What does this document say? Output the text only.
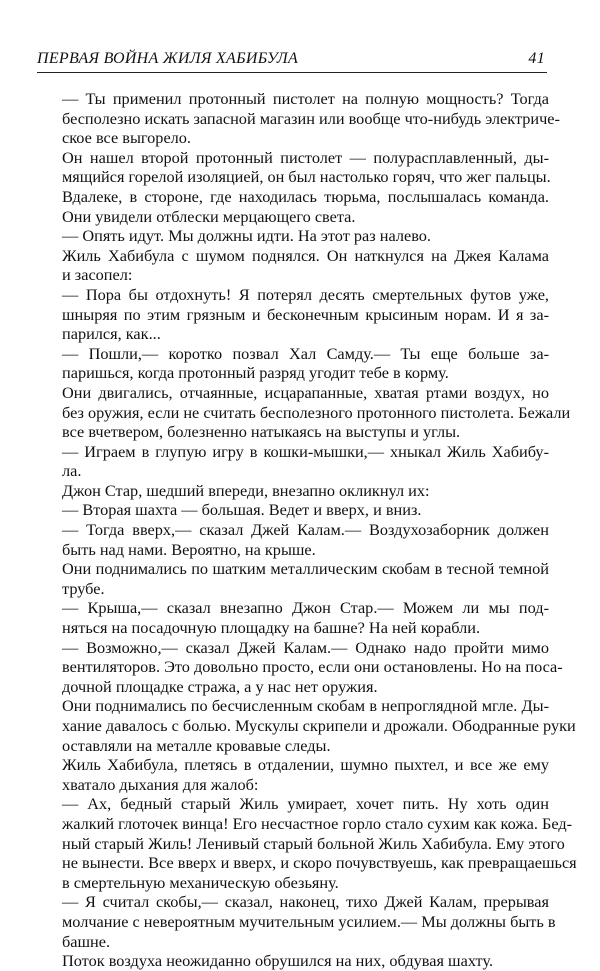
ПЕРВАЯ ВОЙНА ЖИЛЯ ХАБИБУЛА	41

— Ты применил протонный пистолет на полную мощность? Тогда
бесполезно искать запасной магазин или вообще что-нибудь электриче-
ское все выгорело.

Он нашел второй протонный пистолет — полурасплавленный, ды-
мящийся горелой изоляцией, он был настолько горяч, что жег пальцы.

Вдалеке, в стороне, где находилась тюрьма, послышалась команда.
Они увидели отблески мерцающего света.

— Опять идут. Мы должны идти. На этот раз налево.

Жиль Хабибула с шумом поднялся. Он наткнулся на Джея Калама
и засопел:

— Пора бы отдохнуть! Я потерял десять смертельных футов уже,
шныряя по этим грязным и бесконечным крысиным норам. И я за-
парился, как...

— Пошли,— коротко позвал Хал Самду.— Ты еще больше за-
паришься, когда протонный разряд угодит тебе в корму.

Они двигались, отчаянные, исцарапанные, хватая ртами воздух, но
без оружия, если не считать бесполезного протонного пистолета. Бежали
все вчетвером, болезненно натыкаясь на выступы и углы.

— Играем в глупую игру в кошки-мышки,— хныкал Жиль Хабибу-
ла.

Джон Стар, шедший впереди, внезапно окликнул их:

— Вторая шахта — большая. Ведет и вверх, и вниз.

— Тогда вверх,— сказал Джей Калам.— Воздухозаборник должен
быть над нами. Вероятно, на крыше.

Они поднимались по шатким металлическим скобам в тесной темной
трубе.

— Крыша,— сказал внезапно Джон Стар.— Можем ли мы под-
няться на посадочную площадку на башне? На ней корабли.

— Возможно,— сказал Джей Калам.— Однако надо пройти мимо
вентиляторов. Это довольно просто, если они остановлены. Но на поса-
дочной площадке стража, а у нас нет оружия.

Они поднимались по бесчисленным скобам в непроглядной мгле. Ды-
хание давалось с болью. Мускулы скрипели и дрожали. Ободранные руки
оставляли на металле кровавые следы.

Жиль Хабибула, плетясь в отдалении, шумно пыхтел, и все же ему
хватало дыхания для жалоб:

— Ах, бедный старый Жиль умирает, хочет пить. Ну хоть один
жалкий глоточек винца! Его несчастное горло стало сухим как кожа. Бед-
ный старый Жиль! Ленивый старый больной Жиль Хабибула. Ему этого
не вынести. Все вверх и вверх, и скоро почувствуешь, как превращаешься
в смертельную механическую обезьяну.

— Я считал скобы,— сказал, наконец, тихо Джей Калам, прерывая
молчание с невероятным мучительным усилием.— Мы должны быть в
башне.

Поток воздуха неожиданно обрушился на них, обдувая шахту.
